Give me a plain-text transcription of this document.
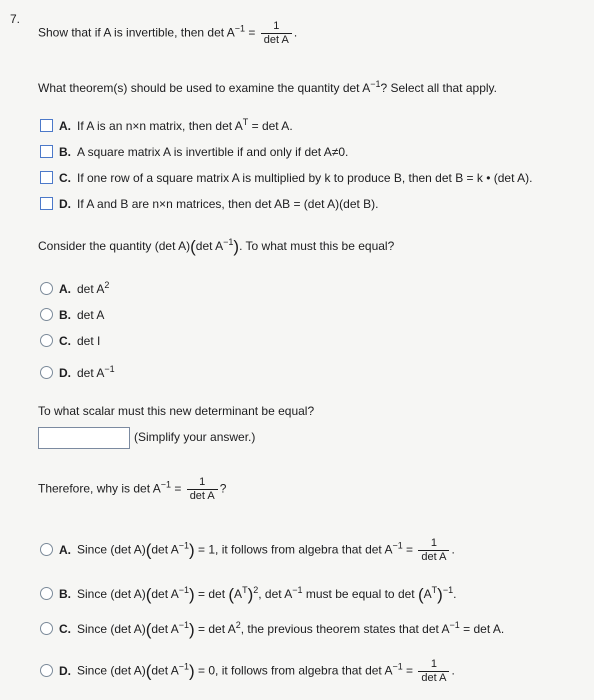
7.
Show that if A is invertible, then $\det A^{-1} = \frac{1}{\text{det A}}$ .
What theorem(s) should be used to examine the quantity $\det A^{-1}$? Select all that apply.
A. If A is an n×n matrix, then $\det A^T = \det A$.
B. A square matrix A is invertible if and only if det A≠0.
C. If one row of a square matrix A is multiplied by k to produce B, then det B = k • (det A).
D. If A and B are n×n matrices, then det AB = (det A)(det B).
Consider the quantity (det A)(det $A^{-1}$). To what must this be equal?
A. $\det A^2$
B. det A
C. det I
D. $\det A^{-1}$
To what scalar must this new determinant be equal?
(Simplify your answer.)
Therefore, why is $\det A^{-1} = \frac{1}{\text{det A}}$ ?
A. Since (det A)(det $A^{-1}) = 1$, it follows from algebra that $\det A^{-1} = \frac{1}{\text{det A}}$ .
B. Since (det A)(det $A^{-1}) = \det (A^T)^2$, $\det A^{-1}$ must be equal to $\det (A^T)^{-1}$.
C. Since (det A)(det $A^{-1}) = \det A^2$, the previous theorem states that $\det A^{-1} = \det A$.
D. Since (det A)(det $A^{-1}) = 0$, it follows from algebra that $\det A^{-1} = \frac{1}{\text{det A}}$ .
